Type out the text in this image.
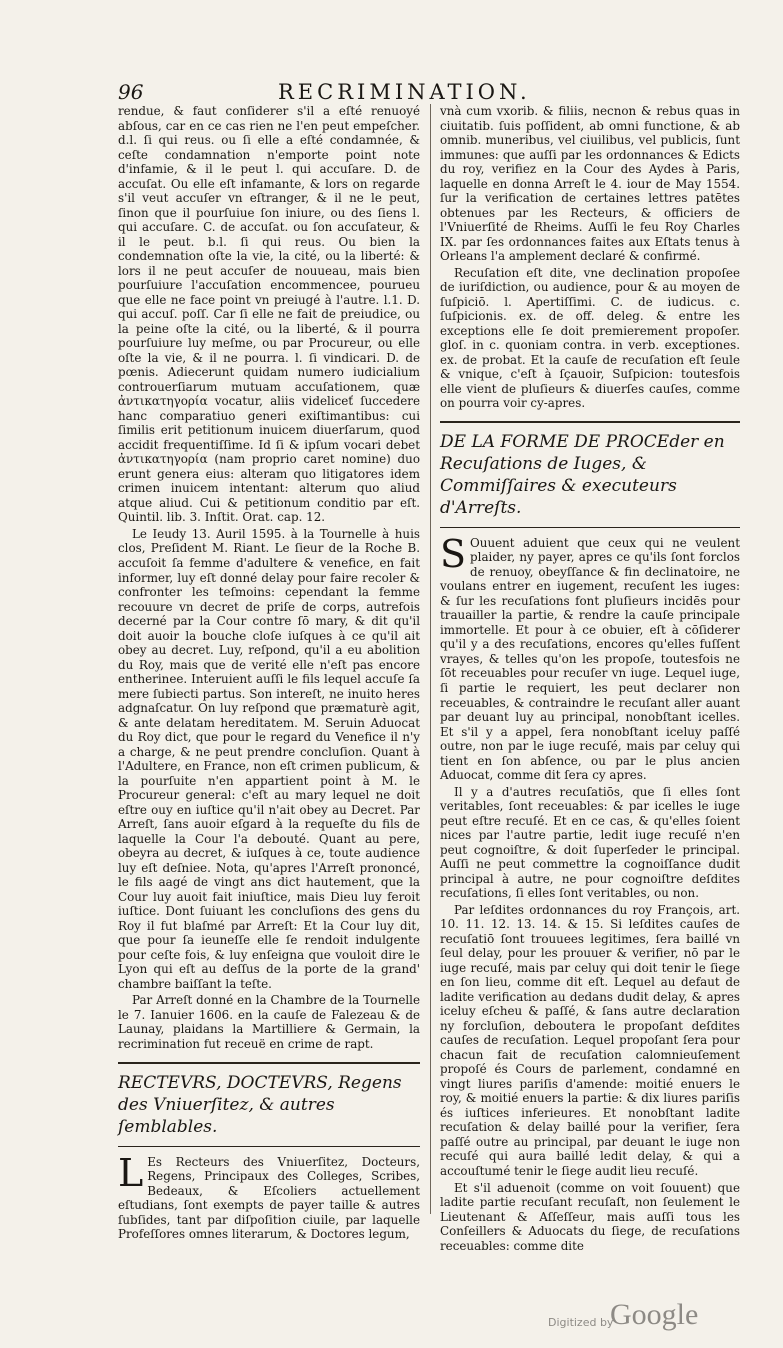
96	RECRIMINATION.

rendue, & faut conſiderer s'il a eſté renuoyé abſous, car en ce cas rien ne l'en peut empeſcher. d.l. ſi qui reus. ou ſi elle a eſté condamnée, & ceſte condamnation n'emporte point note d'infamie, & il le peut l. qui accuſare. D. de accuſat. Ou elle eſt infamante, & lors on regarde s'il veut accuſer vn eſtranger, & il ne le peut, ſinon que il pourſuiue ſon iniure, ou des ſiens l. qui accuſare. C. de accuſat. ou ſon accuſateur, & il le peut. b.l. ſi qui reus. Ou bien la condemnation oſte la vie, la cité, ou la liberté: & lors il ne peut accuſer de nouueau, mais bien pourſuiure l'accuſation encommencee, pourueu que elle ne face point vn preiugé à l'autre. l.1. D. qui accuſ. poſſ. Car ſi elle ne fait de preiudice, ou la peine oſte la cité, ou la liberté, & il pourra pourſuiure luy meſme, ou par Procureur, ou elle oſte la vie, & il ne pourra. l. ſi vindicari. D. de pœnis. Adiecerunt quidam numero iudicialium controuerſiarum mutuam accuſationem, quæ ἀντικατηγορία vocatur, aliis videliceť ſuccedere hanc comparatiuo generi exiſtimantibus: cui ſimilis erit petitionum inuicem diuerſarum, quod accidit frequentiſſime. Id ſi & ipſum vocari debet ἀντικατηγορία (nam proprio caret nomine) duo erunt genera eius: alteram quo litigatores idem crimen inuicem intentant: alterum quo aliud atque aliud. Cui & petitionum conditio par eſt. Quintil. lib. 3. Inſtit. Orat. cap. 12.

Le Ieudy 13. Auril 1595. à la Tournelle à huis clos, Preſident M. Riant. Le ſieur de la Roche B. accuſoit ſa femme d'adultere & venefice, en fait informer, luy eſt donné delay pour faire recoler & confronter les teſmoins: cependant la femme recouure vn decret de priſe de corps, autrefois decerné par la Cour contre ſō mary, & dit qu'il doit auoir la bouche cloſe iuſques à ce qu'il ait obey au decret. Luy, reſpond, qu'il a eu abolition du Roy, mais que de verité elle n'eſt pas encore entherinee. Interuient auſſi le fils lequel accuſe ſa mere ſubiecti partus. Son intereſt, ne inuito heres adgnaſcatur. On luy reſpond que præmaturè agit, & ante delatam hereditatem. M. Seruin Aduocat du Roy dict, que pour le regard du Venefice il n'y a charge, & ne peut prendre concluſion. Quant à l'Adultere, en France, non eſt crimen publicum, & la pourſuite n'en appartient point à M. le Procureur general: c'eſt au mary lequel ne doit eſtre ouy en iuſtice qu'il n'ait obey au Decret. Par Arreſt, ſans auoir eſgard à la requeſte du fils de laquelle la Cour l'a debouté. Quant au pere, obeyra au decret, & iuſques à ce, toute audience luy eſt deſniee. Nota, qu'apres l'Arreſt prononcé, le fils aagé de vingt ans dict hautement, que la Cour luy auoit fait iniuſtice, mais Dieu luy feroit iuſtice. Dont ſuiuant les concluſions des gens du Roy il fut blaſmé par Arreſt: Et la Cour luy dit, que pour ſa ieuneſſe elle ſe rendoit indulgente pour ceſte fois, & luy enſeigna que vouloit dire le Lyon qui eſt au deſſus de la porte de la grand' chambre baiſſant la teſte.

Par Arreſt donné en la Chambre de la Tournelle le 7. Ianuier 1606. en la cauſe de Falezeau & de Launay, plaidans la Martilliere & Germain, la recrimination fut receuë en crime de rapt.

RECTEVRS, DOCTEVRS, Regens des Vniuerſitez, & autres ſemblables.

L Es Recteurs des Vniuerſitez, Docteurs, Regens, Principaux des Colleges, Scribes, Bedeaux, & Eſcoliers actuellement eſtudians, ſont exempts de payer taille & autres ſubſides, tant par diſpoſition ciuile, par laquelle Profeſſores omnes literarum, & Doctores legum,

vnà cum vxorib. & filiis, necnon & rebus quas in ciuitatib. ſuis poſſident, ab omni functione, & ab omnib. muneribus, vel ciuilibus, vel publicis, ſunt immunes: que auſſi par les ordonnances & Edicts du roy, verifiez en la Cour des Aydes à Paris, laquelle en donna Arreſt le 4. iour de May 1554. ſur la verification de certaines lettres patētes obtenues par les Recteurs, & officiers de l'Vniuerſité de Rheims. Auſſi le feu Roy Charles IX. par ſes ordonnances faites aux Eſtats tenus à Orleans l'a amplement declaré & confirmé.

Recuſation eſt dite, vne declination propoſee de iuriſdiction, ou audience, pour & au moyen de ſuſpiciō. l. Apertiſſimi. C. de iudicus. c. ſuſpicionis. ex. de off. deleg. & entre les exceptions elle ſe doit premierement propoſer. gloſ. in c. quoniam contra. in verb. exceptiones. ex. de probat. Et la cauſe de recuſation eſt ſeule & vnique, c'eſt à ſçauoir, Suſpicion: toutesfois elle vient de pluſieurs & diuerſes cauſes, comme on pourra voir cy-apres.

DE LA FORME DE PROCEder en Recuſations de Iuges, & Commiſſaires & executeurs d'Arreſts.

S Ouuent aduient que ceux qui ne veulent plaider, ny payer, apres ce qu'ils ſont forclos de renuoy, obeyſſance & fin declinatoire, ne voulans entrer en iugement, recuſent les iuges: & ſur les recuſations font pluſieurs incidēs pour trauailler la partie, & rendre la cauſe principale immortelle. Et pour à ce obuier, eſt à cōſiderer qu'il y a des recuſations, encores qu'elles fuſſent vrayes, & telles qu'on les propoſe, toutesfois ne ſōt receuables pour recuſer vn iuge. Lequel iuge, ſi partie le requiert, les peut declarer non receuables, & contraindre le recuſant aller auant par deuant luy au principal, nonobſtant icelles. Et s'il y a appel, ſera nonobſtant iceluy paſſé outre, non par le iuge recuſé, mais par celuy qui tient en ſon abſence, ou par le plus ancien Aduocat, comme dit ſera cy apres.

Il y a d'autres recuſatiōs, que ſi elles ſont veritables, ſont receuables: & par icelles le iuge peut eſtre recuſé. Et en ce cas, & qu'elles ſoient nices par l'autre partie, ledit iuge recuſé n'en peut cognoiſtre, & doit ſuperſeder le principal. Auſſi ne peut commettre la cognoiſſance dudit principal à autre, ne pour cognoiſtre deſdites recuſations, ſi elles ſont veritables, ou non.

Par leſdites ordonnances du roy François, art. 10. 11. 12. 13. 14. & 15. Si leſdites cauſes de recuſatiō ſont trouuees legitimes, ſera baillé vn ſeul delay, pour les prouuer & verifier, nō par le iuge recuſé, mais par celuy qui doit tenir le ſiege en ſon lieu, comme dit eſt. Lequel au defaut de ladite verification au dedans dudit delay, & apres iceluy eſcheu & paſſé, & ſans autre declaration ny forcluſion, deboutera le propoſant deſdites cauſes de recuſation. Lequel propoſant ſera pour chacun fait de recuſation calomnieuſement propoſé és Cours de parlement, condamné en vingt liures pariſis d'amende: moitié enuers le roy, & moitié enuers la partie: & dix liures pariſis és iuſtices inferieures. Et nonobſtant ladite recuſation & delay baillé pour la verifier, ſera paſſé outre au principal, par deuant le iuge non recuſé qui aura baillé ledit delay, & qui a accouſtumé tenir le ſiege audit lieu recuſé.

Et s'il aduenoit (comme on voit ſouuent) que ladite partie recuſant recuſaſt, non ſeulement le Lieutenant & Aſſeſſeur, mais auſſi tous les Conſeillers & Aduocats du ſiege, de recuſations receuables: comme dite

Digitized by
Google
